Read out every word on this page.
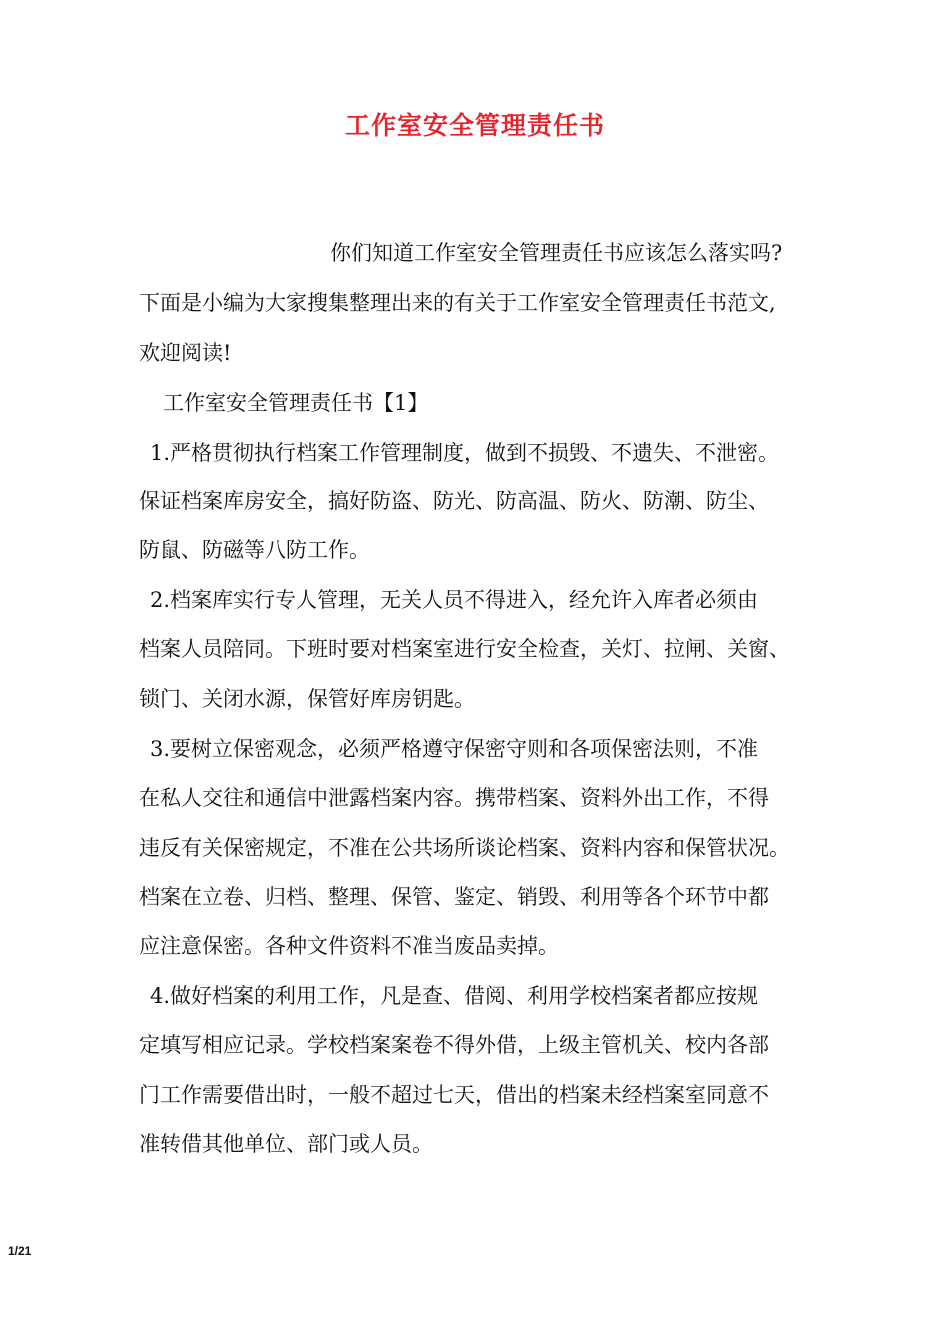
工作室安全管理责任书
你们知道工作室安全管理责任书应该怎么落实吗?
下面是小编为大家搜集整理出来的有关于工作室安全管理责任书范文,
欢迎阅读!
工作室安全管理责任书【1】
1.严格贯彻执行档案工作管理制度，做到不损毁、不遗失、不泄密。
保证档案库房安全，搞好防盗、防光、防高温、防火、防潮、防尘、
防鼠、防磁等八防工作。
2.档案库实行专人管理，无关人员不得进入，经允许入库者必须由
档案人员陪同。下班时要对档案室进行安全检查，关灯、拉闸、关窗、
锁门、关闭水源，保管好库房钥匙。
3.要树立保密观念，必须严格遵守保密守则和各项保密法则，不准
在私人交往和通信中泄露档案内容。携带档案、资料外出工作，不得
违反有关保密规定，不准在公共场所谈论档案、资料内容和保管状况。
档案在立卷、归档、整理、保管、鉴定、销毁、利用等各个环节中都
应注意保密。各种文件资料不准当废品卖掉。
4.做好档案的利用工作，凡是查、借阅、利用学校档案者都应按规
定填写相应记录。学校档案案卷不得外借，上级主管机关、校内各部
门工作需要借出时，一般不超过七天，借出的档案未经档案室同意不
准转借其他单位、部门或人员。
1/21
